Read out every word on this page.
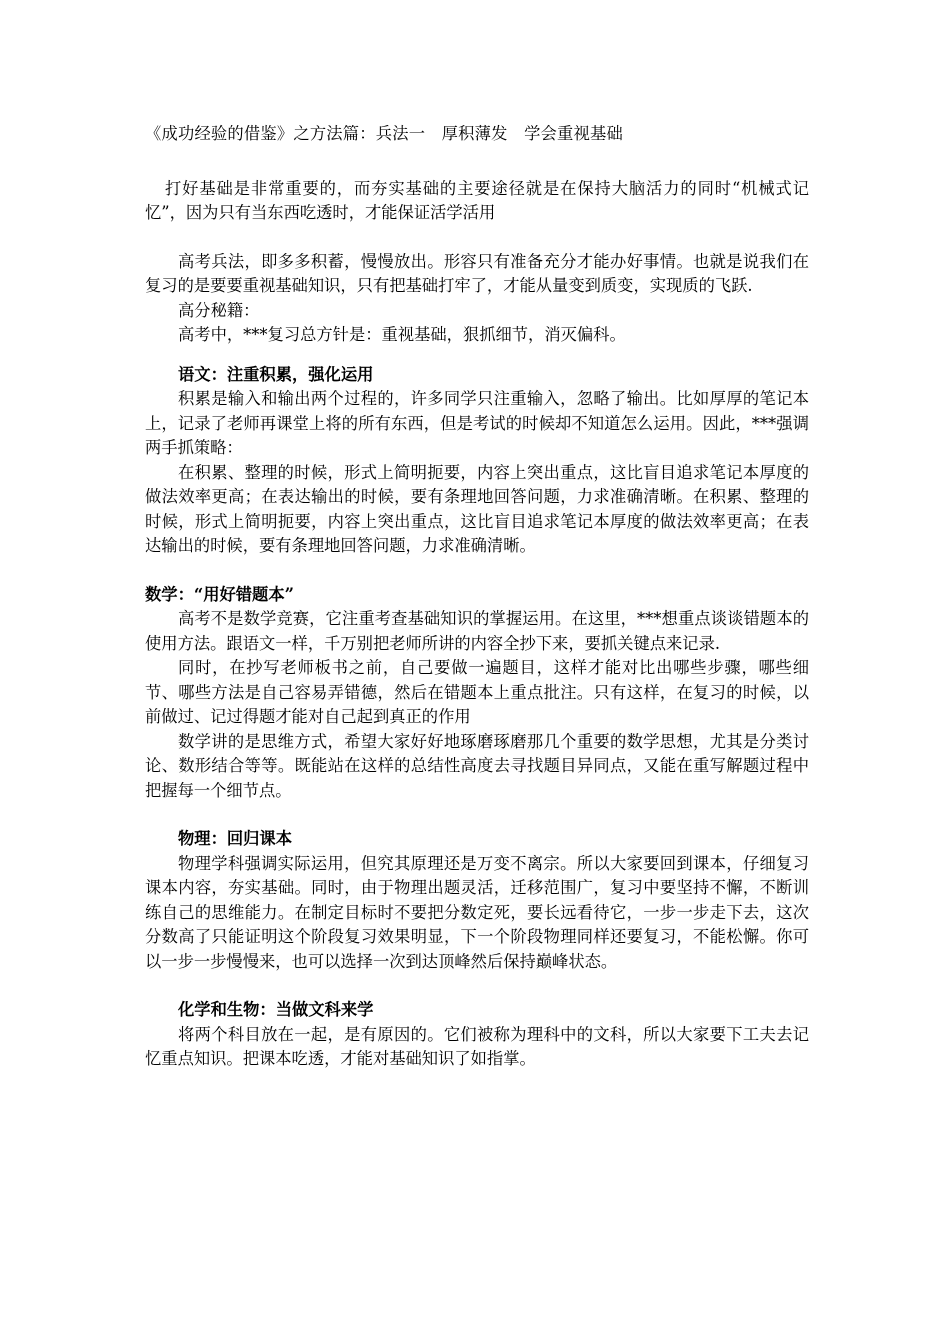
《成功经验的借鉴》之方法篇：兵法一　厚积薄发　学会重视基础

打好基础是非常重要的，而夯实基础的主要途径就是在保持大脑活力的同时“机械式记忆”，因为只有当东西吃透时，才能保证活学活用

高考兵法，即多多积蓄，慢慢放出。形容只有准备充分才能办好事情。也就是说我们在复习的是要要重视基础知识，只有把基础打牢了，才能从量变到质变，实现质的飞跃.

高分秘籍：

高考中，***复习总方针是：重视基础，狠抓细节，消灭偏科。

语文：注重积累，强化运用

积累是输入和输出两个过程的，许多同学只注重输入，忽略了输出。比如厚厚的笔记本上，记录了老师再课堂上将的所有东西，但是考试的时候却不知道怎么运用。因此，***强调两手抓策略：

在积累、整理的时候，形式上简明扼要，内容上突出重点，这比盲目追求笔记本厚度的做法效率更高；在表达输出的时候，要有条理地回答问题，力求准确清晰。在积累、整理的时候，形式上简明扼要，内容上突出重点，这比盲目追求笔记本厚度的做法效率更高；在表达输出的时候，要有条理地回答问题，力求准确清晰。

数学：“用好错题本”

高考不是数学竞赛，它注重考查基础知识的掌握运用。在这里，***想重点谈谈错题本的使用方法。跟语文一样，千万别把老师所讲的内容全抄下来，要抓关键点来记录.

同时，在抄写老师板书之前，自己要做一遍题目，这样才能对比出哪些步骤，哪些细节、哪些方法是自己容易弄错德，然后在错题本上重点批注。只有这样，在复习的时候，以前做过、记过得题才能对自己起到真正的作用

数学讲的是思维方式，希望大家好好地琢磨琢磨那几个重要的数学思想，尤其是分类讨论、数形结合等等。既能站在这样的总结性高度去寻找题目异同点，又能在重写解题过程中把握每一个细节点。

物理：回归课本

物理学科强调实际运用，但究其原理还是万变不离宗。所以大家要回到课本，仔细复习课本内容，夯实基础。同时，由于物理出题灵活，迁移范围广，复习中要坚持不懈，不断训练自己的思维能力。在制定目标时不要把分数定死，要长远看待它，一步一步走下去，这次分数高了只能证明这个阶段复习效果明显，下一个阶段物理同样还要复习，不能松懈。你可以一步一步慢慢来，也可以选择一次到达顶峰然后保持巅峰状态。

化学和生物：当做文科来学

将两个科目放在一起，是有原因的。它们被称为理科中的文科，所以大家要下工夫去记忆重点知识。把课本吃透，才能对基础知识了如指掌。
